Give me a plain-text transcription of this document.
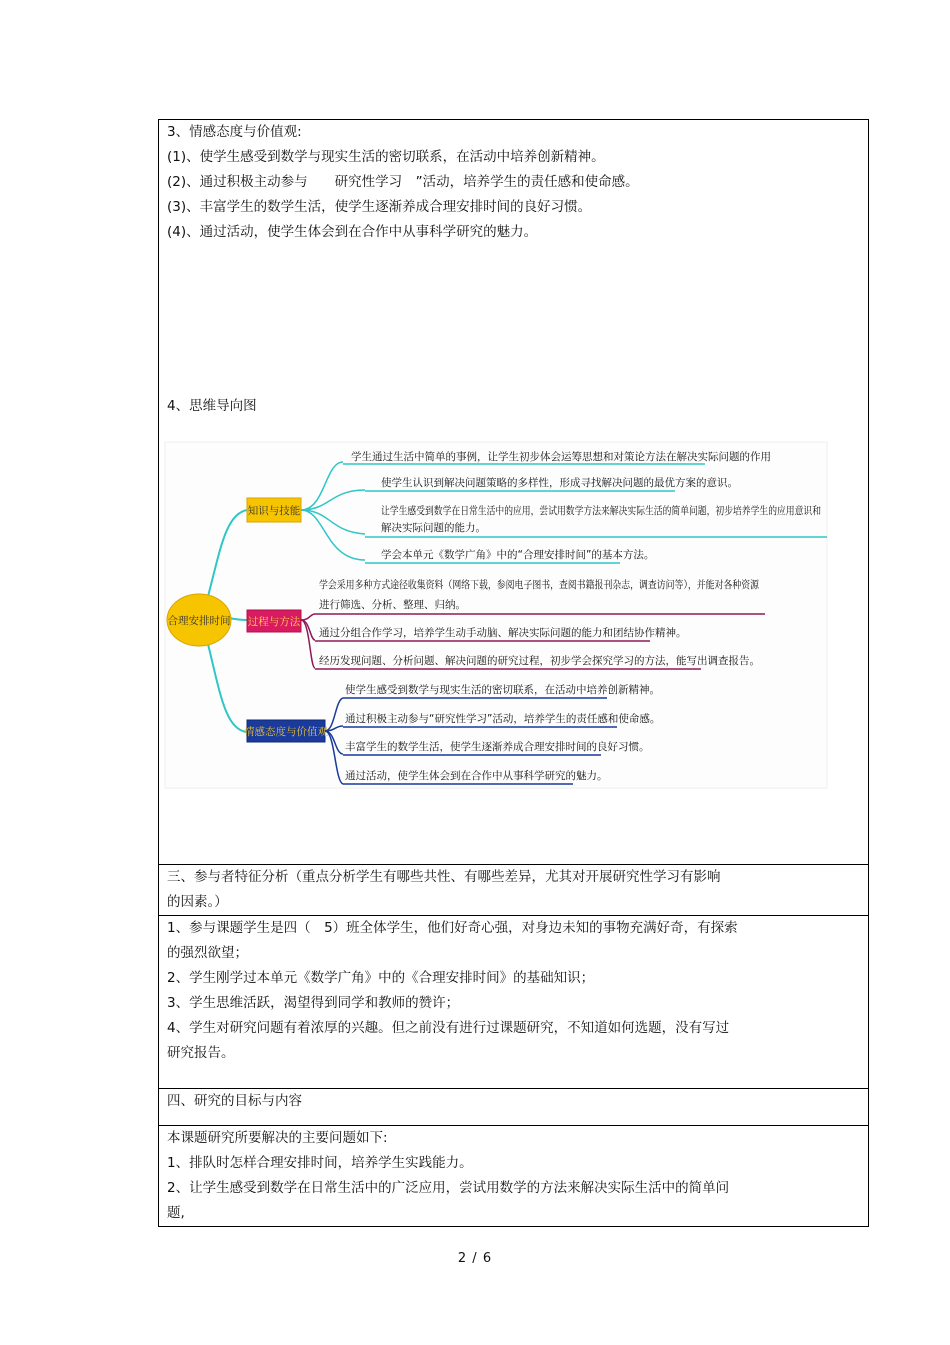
3、情感态度与价值观:

(1)、使学生感受到数学与现实生活的密切联系，在活动中培养创新精神。

(2)、通过积极主动参与　　研究性学习　”活动，培养学生的责任感和使命感。

(3)、丰富学生的数学生活，使学生逐渐养成合理安排时间的良好习惯。

(4)、通过活动，使学生体会到在合作中从事科学研究的魅力。

4、思维导向图

合理安排时间
知识与技能
学生通过生活中简单的事例，让学生初步体会运筹思想和对策论方法在解决实际问题的作用
使学生认识到解决问题策略的多样性，形成寻找解决问题的最优方案的意识。
让学生感受到数学在日常生活中的应用，尝试用数学方法来解决实际生活的简单问题，初步培养学生的应用意识和
解决实际问题的能力。
学会本单元《数学广角》中的“合理安排时间”的基本方法。
过程与方法
学会采用多种方式途径收集资料（网络下载，参阅电子图书，查阅书籍报刊杂志，调查访问等），并能对各种资源
进行筛选、分析、整理、归纳。
通过分组合作学习，培养学生动手动脑、解决实际问题的能力和团结协作精神。
经历发现问题、分析问题、解决问题的研究过程，初步学会探究学习的方法，能写出调查报告。
情感态度与价值观
使学生感受到数学与现实生活的密切联系，在活动中培养创新精神。
通过积极主动参与“研究性学习”活动，培养学生的责任感和使命感。
丰富学生的数学生活，使学生逐渐养成合理安排时间的良好习惯。
通过活动，使学生体会到在合作中从事科学研究的魅力。

三、参与者特征分析（重点分析学生有哪些共性、有哪些差异，尤其对开展研究性学习有影响

的因素。）

1、参与课题学生是四（　5）班全体学生，他们好奇心强，对身边未知的事物充满好奇，有探索

的强烈欲望；

2、学生刚学过本单元《数学广角》中的《合理安排时间》的基础知识；

3、学生思维活跃，渴望得到同学和教师的赞许；

4、学生对研究问题有着浓厚的兴趣。但之前没有进行过课题研究，不知道如何选题，没有写过

研究报告。

四、研究的目标与内容

本课题研究所要解决的主要问题如下:

1、排队时怎样合理安排时间，培养学生实践能力。

2、让学生感受到数学在日常生活中的广泛应用，尝试用数学的方法来解决实际生活中的简单问

题,

2 / 6
